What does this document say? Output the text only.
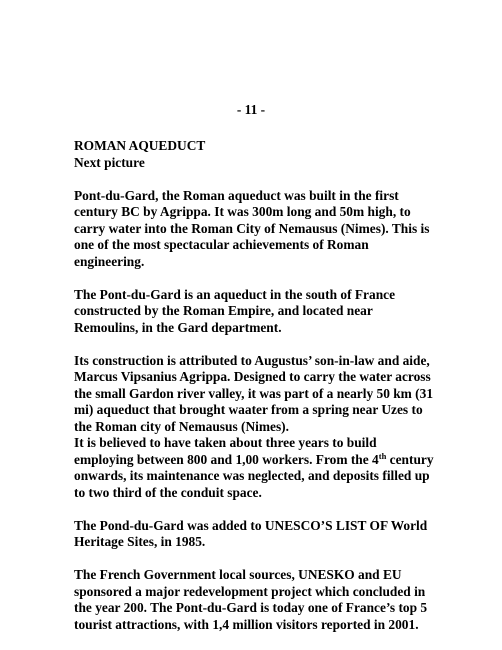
- 11 -
ROMAN AQUEDUCT
Next picture
Pont-du-Gard, the Roman aqueduct was built in the first
century BC by Agrippa. It was 300m long and 50m high, to
carry water into the Roman City of Nemausus (Nimes). This is
one of the most spectacular achievements of Roman
engineering.
The Pont-du-Gard is an aqueduct in the south of France
constructed by the Roman Empire, and located near
Remoulins, in the Gard department.
Its construction is attributed to Augustus’ son-in-law and aide,
Marcus Vipsanius Agrippa. Designed to carry the water across
the small Gardon river valley, it was part of a nearly 50 km (31
mi) aqueduct that brought waater from a spring near Uzes to
the Roman city of Nemausus (Nimes).
It is believed to have taken about three years to build
employing between 800 and 1,00 workers. From the 4th century
onwards, its maintenance was neglected, and deposits filled up
to two third of the conduit space.
The Pond-du-Gard was added to UNESCO’S LIST OF World
Heritage Sites, in 1985.
The French Government local sources, UNESKO and EU
sponsored a major redevelopment project which concluded in
the year 200. The Pont-du-Gard is today one of France’s top 5
tourist attractions, with 1,4 million visitors reported in 2001.
